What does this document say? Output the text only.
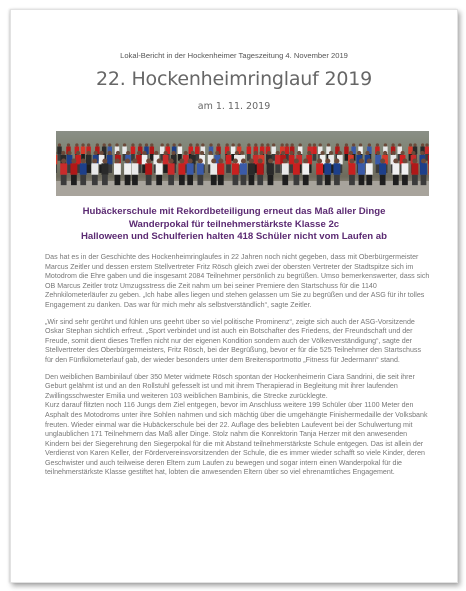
Lokal-Bericht in der Hockenheimer Tageszeitung 4. November 2019
22. Hockenheimringlauf 2019
am 1. 11. 2019
Hubäckerschule mit Rekordbeteiligung erneut das Maß aller Dinge
Wanderpokal für teilnehmerstärkste Klasse 2c
Halloween und Schulferien halten 418 Schüler nicht vom Laufen ab

Das hat es in der Geschichte des Hockenheimringlaufes in 22 Jahren noch nicht gegeben, dass mit Oberbürgermeister Marcus Zeitler und dessen erstem Stellvertreter Fritz Rösch gleich zwei der obersten Vertreter der Stadtspitze sich im Motodrom die Ehre gaben und die insgesamt 2084 Teilnehmer persönlich zu begrüßen. Umso bemerkenswerter, dass sich OB Marcus Zeitler trotz Umzugsstress die Zeit nahm um bei seiner Premiere den Startschuss für die 1140 Zehnkilometerläufer zu geben. „Ich habe alles liegen und stehen gelassen um Sie zu begrüßen und der ASG für ihr tolles Engagement zu danken. Das war für mich mehr als selbstverständlich“, sagte Zeitler.

„Wir sind sehr gerührt und fühlen uns geehrt über so viel politische Prominenz“, zeigte sich auch der ASG-Vorsitzende Oskar Stephan sichtlich erfreut. „Sport verbindet und ist auch ein Botschafter des Friedens, der Freundschaft und der Freude, somit dient dieses Treffen nicht nur der eigenen Kondition sondern auch der Völkerverständigung“, sagte der Stellvertreter des Oberbürgermeisters, Fritz Rösch, bei der Begrüßung, bevor er für die 525 Teilnehmer den Startschuss für den Fünfkilometerlauf gab, der wieder besonders unter dem Breitensportmotto „Fitness für Jedermann“ stand.

Den weiblichen Bambinilauf über 350 Meter widmete Rösch spontan der Hockenheimerin Ciara Sandrini, die seit ihrer Geburt gelähmt ist und an den Rollstuhl gefesselt ist und mit ihrem Therapierad in Begleitung mit ihrer laufenden Zwillingsschwester Emilia und weiteren 103 weiblichen Bambinis, die Strecke zurücklegte.

Kurz darauf flitzten noch 116 Jungs dem Ziel entgegen, bevor im Anschluss weitere 199 Schüler über 1100 Meter den Asphalt des Motodroms unter ihre Sohlen nahmen und sich mächtig über die umgehängte Finishermedaille der Volksbank freuten. Wieder einmal war die Hubäckerschule bei der 22. Auflage des beliebten Laufevent bei der Schulwertung mit unglaublichen 171 Teilnehmern das Maß aller Dinge. Stolz nahm die Konrektorin Tanja Herzer mit den anwesenden Kindern bei der Siegerehrung den Siegerpokal für die mit Abstand teilnehmerstärkste Schule entgegen. Das ist allein der Verdienst von Karen Keller, der Fördervereinsvorsitzenden der Schule, die es immer wieder schafft so viele Kinder, deren Geschwister und auch teilweise deren Eltern zum Laufen zu bewegen und sogar intern einen Wanderpokal für die teilnehmerstärkste Klasse gestiftet hat, lobten die anwesenden Eltern über so viel ehrenamtliches Engagement.
